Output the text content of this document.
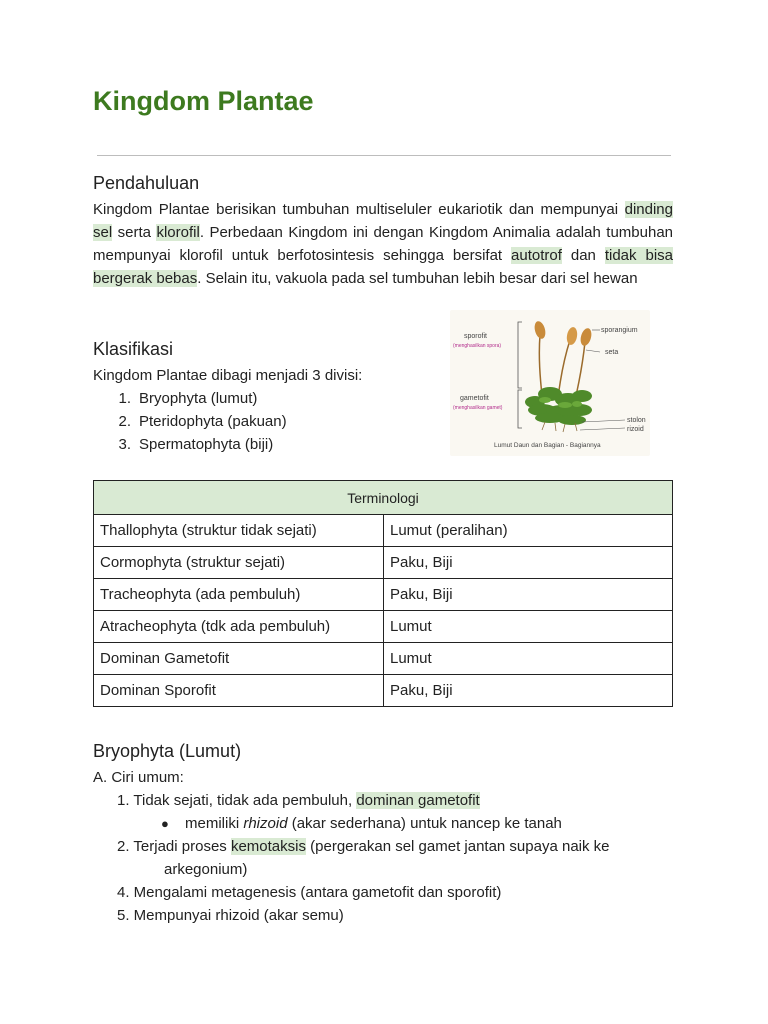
Kingdom Plantae
Pendahuluan

Kingdom Plantae berisikan tumbuhan multiseluler eukariotik dan mempunyai dinding sel serta klorofil. Perbedaan Kingdom ini dengan Kingdom Animalia adalah tumbuhan mempunyai klorofil untuk berfotosintesis sehingga bersifat autotrof dan tidak bisa bergerak bebas. Selain itu, vakuola pada sel tumbuhan lebih besar dari sel hewan

Klasifikasi

Kingdom Plantae dibagi menjadi 3 divisi:

1. Bryophyta (lumut)
2. Pteridophyta (pakuan)
3. Spermatophyta (biji)
sporofit
(menghasilkan spora)
gametofit
(menghasilkan gamet)
sporangium
seta
stolon
rizoid
Lumut Daun dan Bagian - Bagiannya
Terminologi	
Thallophyta (struktur tidak sejati)	Lumut (peralihan)
Cormophyta (struktur sejati)	Paku, Biji
Tracheophyta (ada pembuluh)	Paku, Biji
Atracheophyta (tdk ada pembuluh)	Lumut
Dominan Gametofit	Lumut
Dominan Sporofit	Paku, Biji
Bryophyta (Lumut)
A. Ciri umum:
1. Tidak sejati, tidak ada pembuluh, dominan gametofit
● memiliki rhizoid (akar sederhana) untuk nancep ke tanah
2. Terjadi proses kemotaksis (pergerakan sel gamet jantan supaya naik ke
arkegonium)
4. Mengalami metagenesis (antara gametofit dan sporofit)
5. Mempunyai rhizoid (akar semu)
